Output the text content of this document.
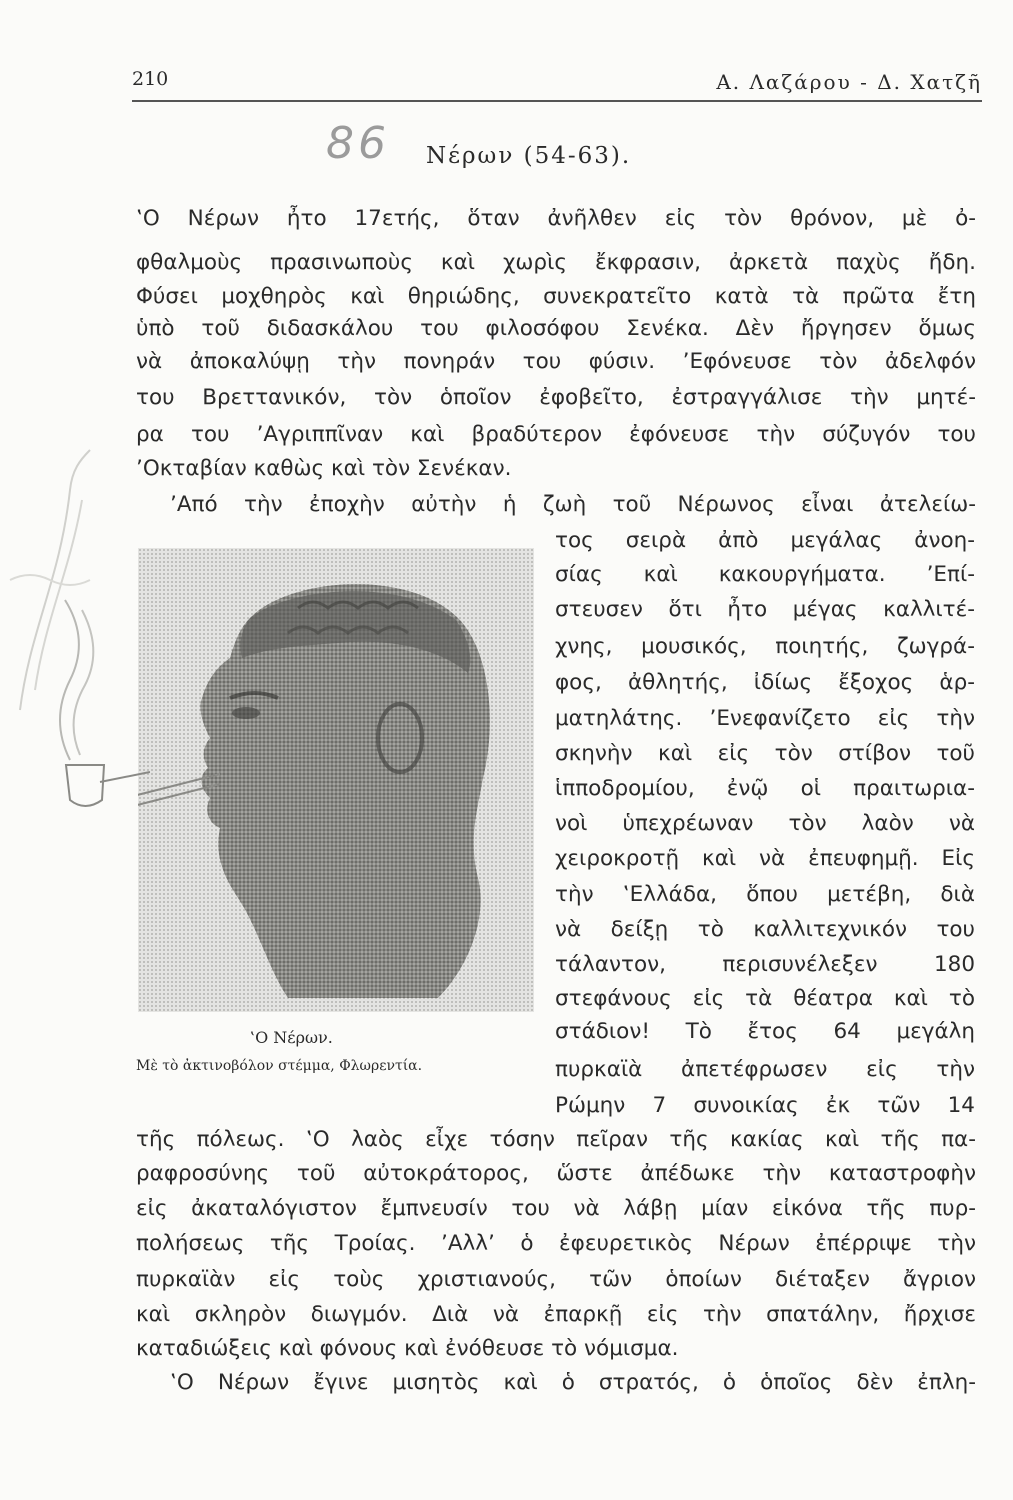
210	Α. Λαζάρου - Δ. Χατζῆ
86 Νέρων (54-63).
‛Ο Νέρων ἦτο 17ετής, ὅταν ἀνῆλθεν εἰς τὸν θρόνον, μὲ ὀ-
φθαλμοὺς πρασινωποὺς καὶ χωρὶς ἔκφρασιν, ἀρκετὰ παχὺς ἤδη.
Φύσει μοχθηρὸς καὶ θηριώδης, συνεκρατεῖτο κατὰ τὰ πρῶτα ἔτη
ὑπὸ τοῦ διδασκάλου του φιλοσόφου Σενέκα. Δὲν ἤργησεν ὅμως
νὰ ἀποκαλύψῃ τὴν πονηράν του φύσιν. ’Εφόνευσε τὸν ἀδελφόν
του Βρεττανικόν, τὸν ὁποῖον ἐφοβεῖτο, ἐστραγγάλισε τὴν μητέ-
ρα του ’Αγριππῖναν καὶ βραδύτερον ἐφόνευσε τὴν σύζυγόν του
’Οκταβίαν καθὼς καὶ τὸν Σενέκαν.
’Από τὴν ἐποχὴν αὐτὴν ἡ ζωὴ τοῦ Νέρωνος εἶναι ἀτελείω-
τος σειρὰ ἀπὸ μεγάλας ἀνοη-
σίας καὶ κακουργήματα. ’Επί-
στευσεν ὅτι ἦτο μέγας καλλιτέ-
χνης, μουσικός, ποιητής, ζωγρά-
φος, ἀθλητής, ἰδίως ἔξοχος ἁρ-
ματηλάτης. ’Ενεφανίζετο εἰς τὴν
σκηνὴν καὶ εἰς τὸν στίβον τοῦ
ἱπποδρομίου, ἐνῷ οἱ πραιτωρια-
νοὶ ὑπεχρέωναν τὸν λαὸν νὰ
χειροκροτῇ καὶ νὰ ἐπευφημῇ. Εἰς
τὴν ‛Ελλάδα, ὅπου μετέβη, διὰ
νὰ δείξῃ τὸ καλλιτεχνικόν του
τάλαντον, περισυνέλεξεν 180
στεφάνους εἰς τὰ θέατρα καὶ τὸ
στάδιον! Τὸ ἔτος 64 μεγάλη
πυρκαϊὰ ἀπετέφρωσεν εἰς τὴν
Ρώμην 7 συνοικίας ἐκ τῶν 14
τῆς πόλεως. ‛Ο λαὸς εἶχε τόσην πεῖραν τῆς κακίας καὶ τῆς πα-
ραφροσύνης τοῦ αὐτοκράτορος, ὥστε ἀπέδωκε τὴν καταστροφὴν
εἰς ἀκαταλόγιστον ἔμπνευσίν του νὰ λάβῃ μίαν εἰκόνα τῆς πυρ-
πολήσεως τῆς Τροίας. ’Αλλ’ ὁ ἐφευρετικὸς Νέρων ἐπέρριψε τὴν
πυρκαϊὰν εἰς τοὺς χριστιανούς, τῶν ὁποίων διέταξεν ἄγριον
καὶ σκληρὸν διωγμόν. Διὰ νὰ ἐπαρκῇ εἰς τὴν σπατάλην, ἤρχισε
καταδιώξεις καὶ φόνους καὶ ἐνόθευσε τὸ νόμισμα.
‛Ο Νέρων ἔγινε μισητὸς καὶ ὁ στρατός, ὁ ὁποῖος δὲν ἐπλη-
‛Ο Νέρων.
Μὲ τὸ ἀκτινοβόλον στέμμα, Φλωρεντία.
